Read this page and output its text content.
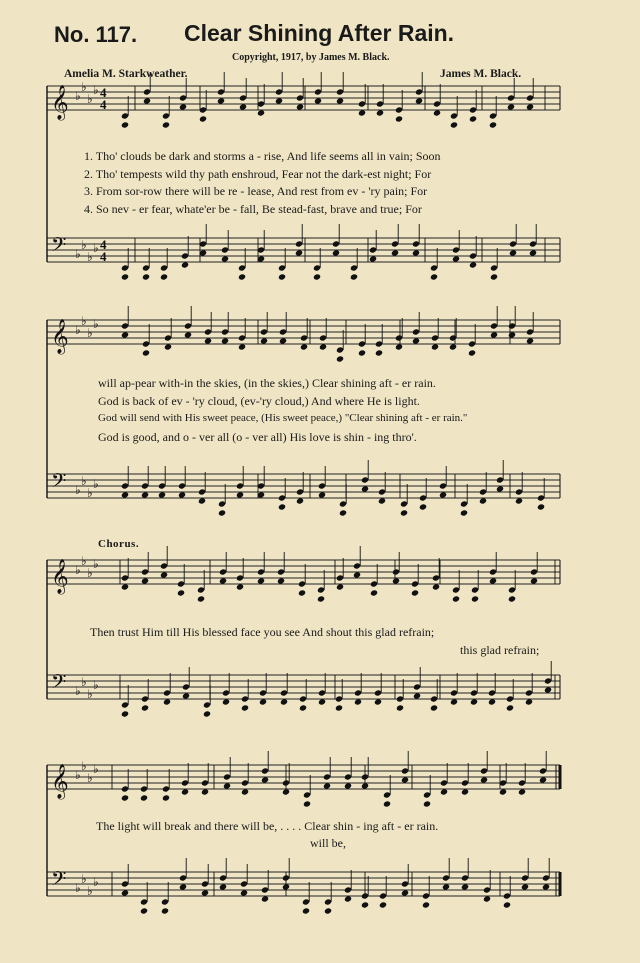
No. 117. Clear Shining After Rain.
Copyright, 1917, by James M. Black.
Amelia M. Starkweather.	James M. Black.
1. Tho' clouds be dark and storms a - rise, And life seems all in vain; Soon
2. Tho' tempests wild thy path enshroud, Fear not the dark-est night; For
3. From sor-row there will be re - lease, And rest from ev - 'ry pain; For
4. So nev - er fear, whate'er be - fall, Be stead-fast, brave and true; For
will ap-pear with-in the skies, (in the skies,) Clear shining aft - er rain.
God is back of ev - 'ry cloud, (ev-'ry cloud,) And where He is light.
God will send with His sweet peace, (His sweet peace,) "Clear shining aft - er rain."
God is good, and o - ver all (o - ver all) His love is shin - ing thro'.
Chorus.
Then trust Him till His blessed face you see And shout this glad refrain;
this glad refrain;
The light will break and there will be, . . . . Clear shin - ing aft - er rain.
will be,
𝄞
𝄢
♭
♭
♭
♭
♭
♭
♭
♭
4
4
4
4
𝄞
𝄢
♭
♭
♭
♭
♭
♭
♭
♭
𝄞
𝄢
♭
♭
♭
♭
♭
♭
♭
♭
𝄞
𝄢
♭
♭
♭
♭
♭
♭
♭
♭
